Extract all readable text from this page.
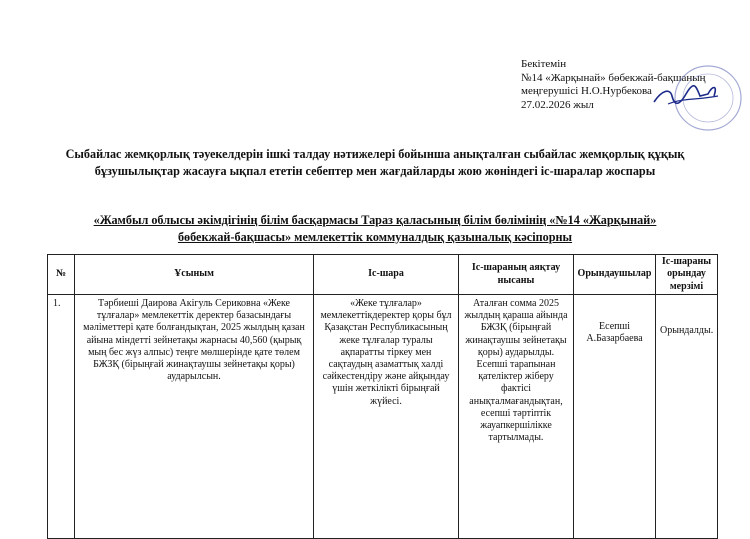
Бекітемін
№14 «Жарқынай» бөбекжай-бақшаның
меңгерушісі Н.О.Нурбекова
27.02.2026 жыл
Сыбайлас жемқорлық тәуекелдерін ішкі талдау нәтижелері бойынша анықталған сыбайлас жемқорлық құқық бұзушылықтар жасауға ықпал ететін себептер мен жағдайларды жою жөніндегі іс-шаралар жоспары
«Жамбыл облысы әкімдігінің білім басқармасы Тараз қаласының білім бөлімінің «№14 «Жарқынай» бөбекжай-бақшасы» мемлекеттік коммуналдық қазыналық кәсіпорны
№	Ұсыным	Іс-шара	Іс-шараның аяқтау нысаны	Орындаушылар	Іс-шараны орындау мерзімі
1.	Тәрбиеші Даирова Акігуль Сериковна «Жеке тұлғалар» мемлекеттік деректер базасындағы мәліметтері қате болғандықтан, 2025 жылдың қазан айына міндетті зейнетақы жарнасы 40,560 (қырық мың бес жүз алпыс) теңге мөлшерінде қате төлем БЖЗҚ (бірыңғай жинақтаушы зейнетақы қоры) аударылсын.	«Жеке тұлғалар» мемлекеттікдеректер қоры бұл Қазақстан Республикасының жеке тұлғалар туралы ақпаратты тіркеу мен сақтаудың азаматтық халді сәйкестендіру және айқындау үшін жеткілікті бірыңғай жүйесі.	Аталған сомма 2025 жылдың қараша айында БЖЗҚ (бірыңғай жинақтаушы зейнетақы қоры) аударылды. Есепші тарапынан қателіктер жіберу фактісі анықталмағандықтан, есепші тәртіптік жауапкершілікке тартылмады.	Есепші А.Базарбаева	Орындалды.
